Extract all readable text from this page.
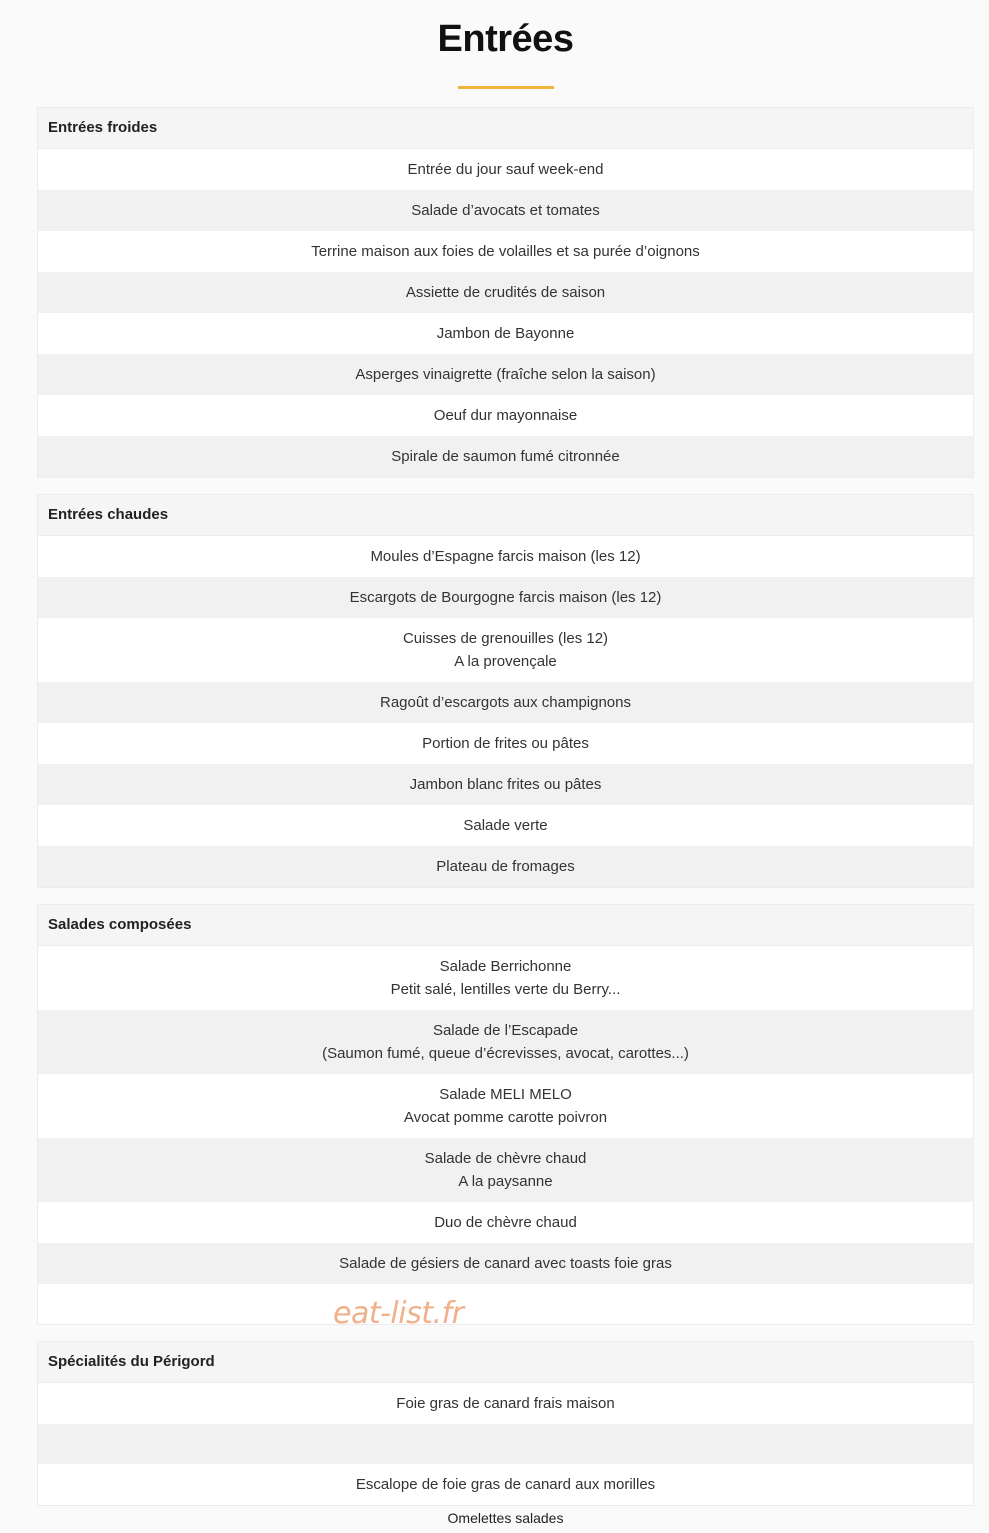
Entrées
Entrées froides
Entrée du jour sauf week-end
Salade d’avocats et tomates
Terrine maison aux foies de volailles et sa purée d’oignons
Assiette de crudités de saison
Jambon de Bayonne
Asperges vinaigrette (fraîche selon la saison)
Oeuf dur mayonnaise
Spirale de saumon fumé citronnée
Entrées chaudes
Moules d’Espagne farcis maison (les 12)
Escargots de Bourgogne farcis maison (les 12)
Cuisses de grenouilles (les 12)
A la provençale
Ragoût d’escargots aux champignons
Portion de frites ou pâtes
Jambon blanc frites ou pâtes
Salade verte
Plateau de fromages
Salades composées
Salade Berrichonne
Petit salé, lentilles verte du Berry...
Salade de l’Escapade
(Saumon fumé, queue d’écrevisses, avocat, carottes...)
Salade MELI MELO
Avocat pomme carotte poivron
Salade de chèvre chaud
A la paysanne
Duo de chèvre chaud
Salade de gésiers de canard avec toasts foie gras
Spécialités du Périgord
Foie gras de canard frais maison
Escalope de foie gras de canard aux morilles
eat-list.fr
Omelettes salades
